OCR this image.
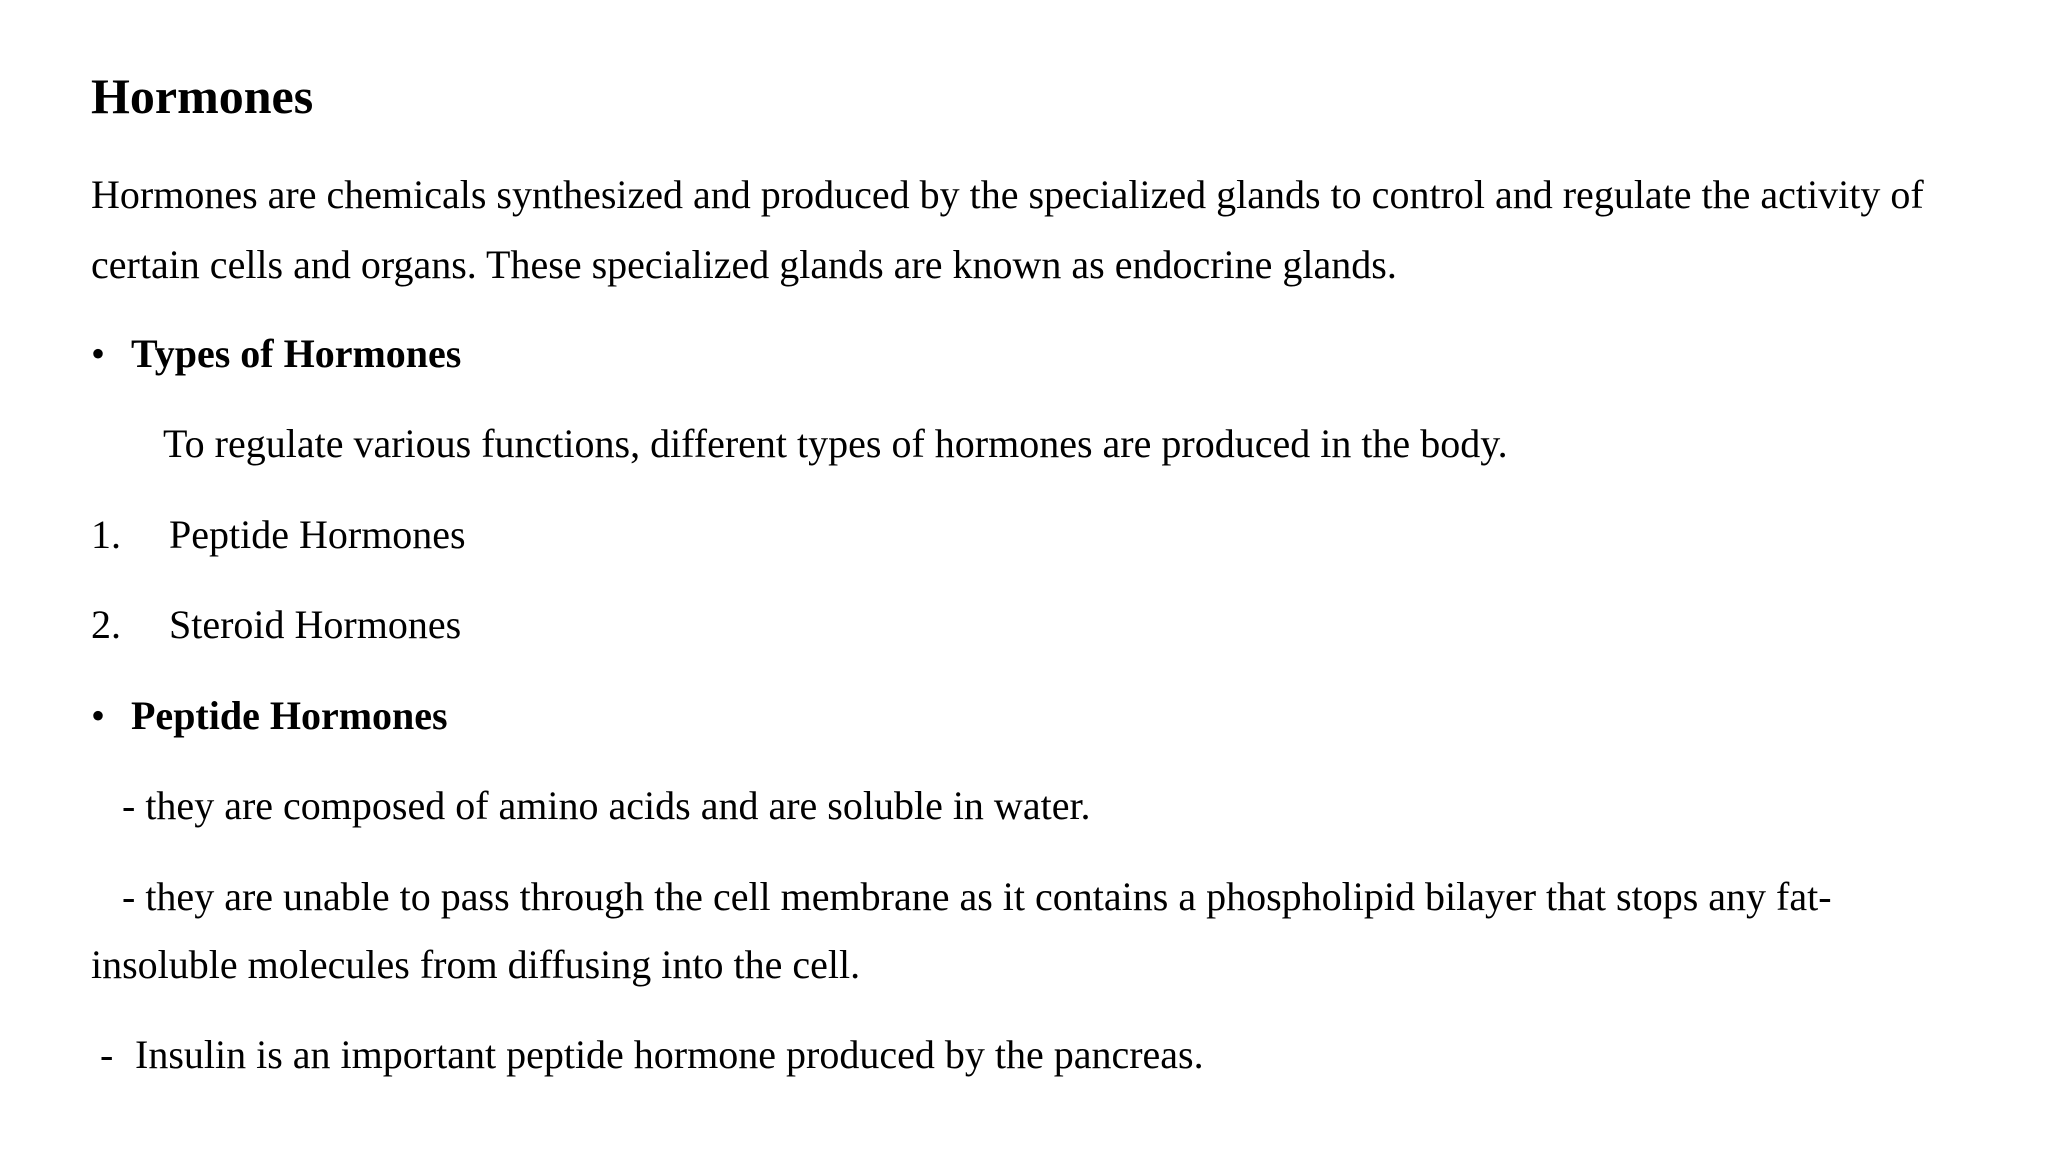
Hormones
Hormones are chemicals synthesized and produced by the specialized glands to control and regulate the activity of
certain cells and organs. These specialized glands are known as endocrine glands.
• Types of Hormones
To regulate various functions, different types of hormones are produced in the body.
1. Peptide Hormones
2. Steroid Hormones
• Peptide Hormones
- they are composed of amino acids and are soluble in water.
- they are unable to pass through the cell membrane as it contains a phospholipid bilayer that stops any fat-
insoluble molecules from diffusing into the cell.
- Insulin is an important peptide hormone produced by the pancreas.
